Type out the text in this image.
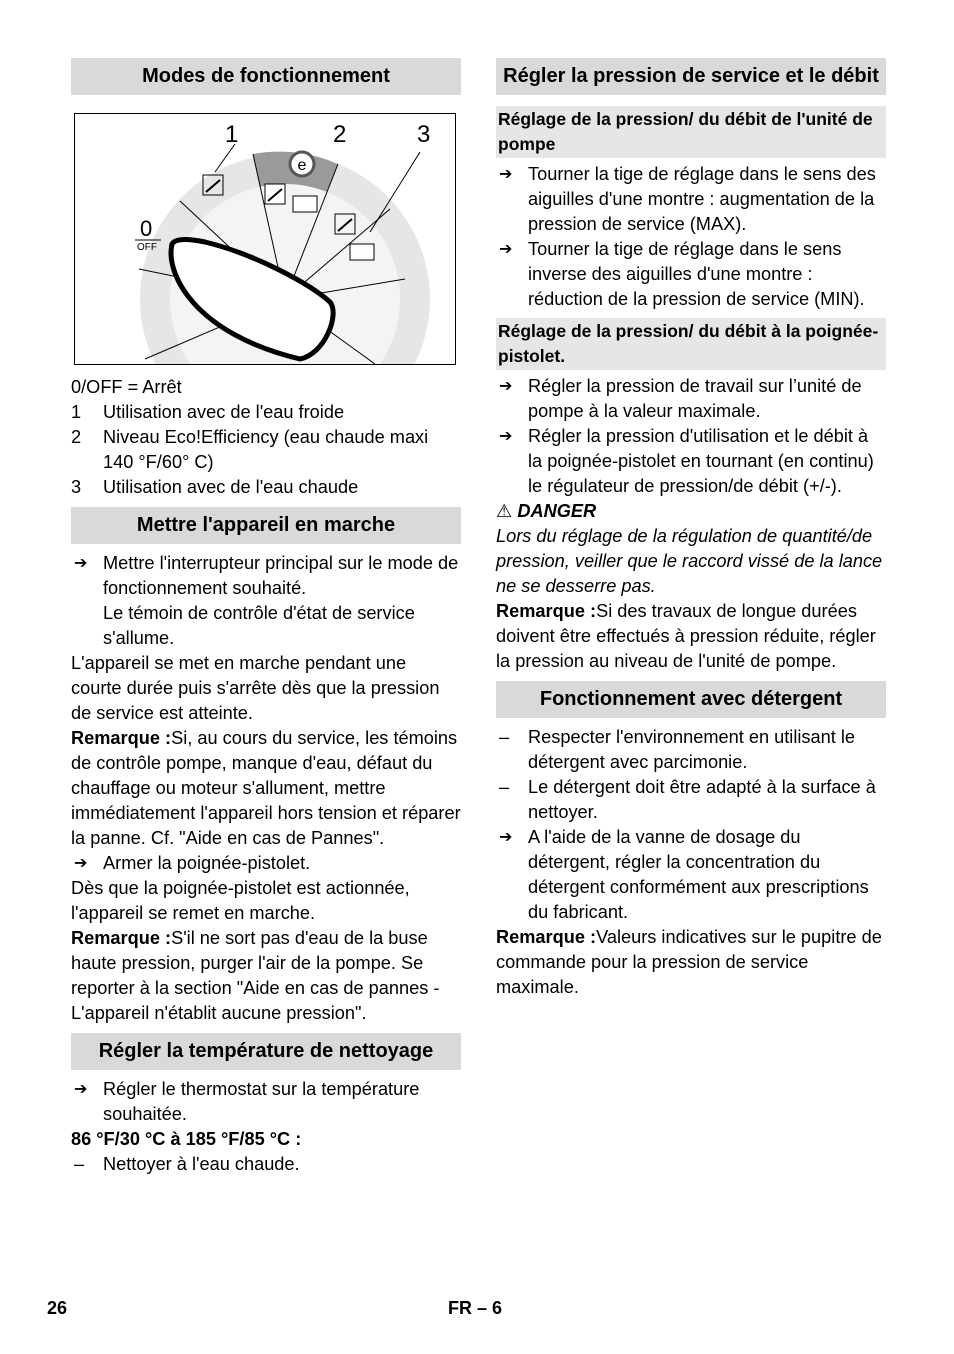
Modes de fonctionnement
e
1	2	3
0
OFF

0/OFF = Arrêt

1 Utilisation avec de l'eau froide
2 Niveau Eco!Efficiency (eau chaude maxi 140 °F/60° C)
3 Utilisation avec de l'eau chaude
Mettre l'appareil en marche
➔ Mettre l'interrupteur principal sur le mode de fonctionnement souhaité.
Le témoin de contrôle d'état de service s'allume.

L'appareil se met en marche pendant une courte durée puis s'arrête dès que la pression de service est atteinte.

Remarque :Si, au cours du service, les témoins de contrôle pompe, manque d'eau, défaut du chauffage ou moteur s'allument, mettre immédiatement l'appareil hors tension et réparer la panne. Cf. "Aide en cas de Pannes".

➔ Armer la poignée-pistolet.

Dès que la poignée-pistolet est actionnée, l'appareil se remet en marche.

Remarque :S'il ne sort pas d'eau de la buse haute pression, purger l'air de la pompe. Se reporter à la section "Aide en cas de pannes - L'appareil n'établit aucune pression".

Régler la température de nettoyage
➔ Régler le thermostat sur la température souhaitée.

86 °F/30 °C à 185 °F/85 °C :

– Nettoyer à l'eau chaude.
Régler la pression de service et le débit
Réglage de la pression/ du débit de l'unité de pompe
➔ Tourner la tige de réglage dans le sens des aiguilles d'une montre : augmentation de la pression de service (MAX).
➔ Tourner la tige de réglage dans le sens inverse des aiguilles d'une montre : réduction de la pression de service (MIN).
Réglage de la pression/ du débit à la poignée-pistolet.
➔ Régler la pression de travail sur l’unité de pompe à la valeur maximale.
➔ Régler la pression d'utilisation et le débit à la poignée-pistolet en tournant (en continu) le régulateur de pression/de débit (+/-).

⚠ DANGER

Lors du réglage de la régulation de quantité/de pression, veiller que le raccord vissé de la lance ne se desserre pas.

Remarque :Si des travaux de longue durées doivent être effectués à pression réduite, régler la pression au niveau de l'unité de pompe.

Fonctionnement avec détergent
– Respecter l'environnement en utilisant le détergent avec parcimonie.
– Le détergent doit être adapté à la surface à nettoyer.
➔ A l'aide de la vanne de dosage du détergent, régler la concentration du détergent conformément aux prescriptions du fabricant.

Remarque :Valeurs indicatives sur le pupitre de commande pour la pression de service maximale.

26	FR – 6
